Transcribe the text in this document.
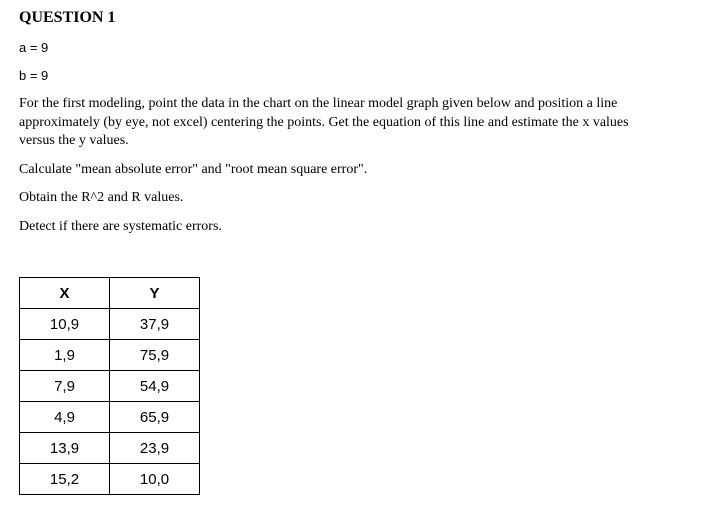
QUESTION 1
a = 9
b = 9
For the first modeling, point the data in the chart on the linear model graph given below and position a line approximately (by eye, not excel) centering the points. Get the equation of this line and estimate the x values versus the y values.
Calculate "mean absolute error" and "root mean square error".
Obtain the R^2 and R values.
Detect if there are systematic errors.
X	Y
10,9	37,9
1,9	75,9
7,9	54,9
4,9	65,9
13,9	23,9
15,2	10,0
